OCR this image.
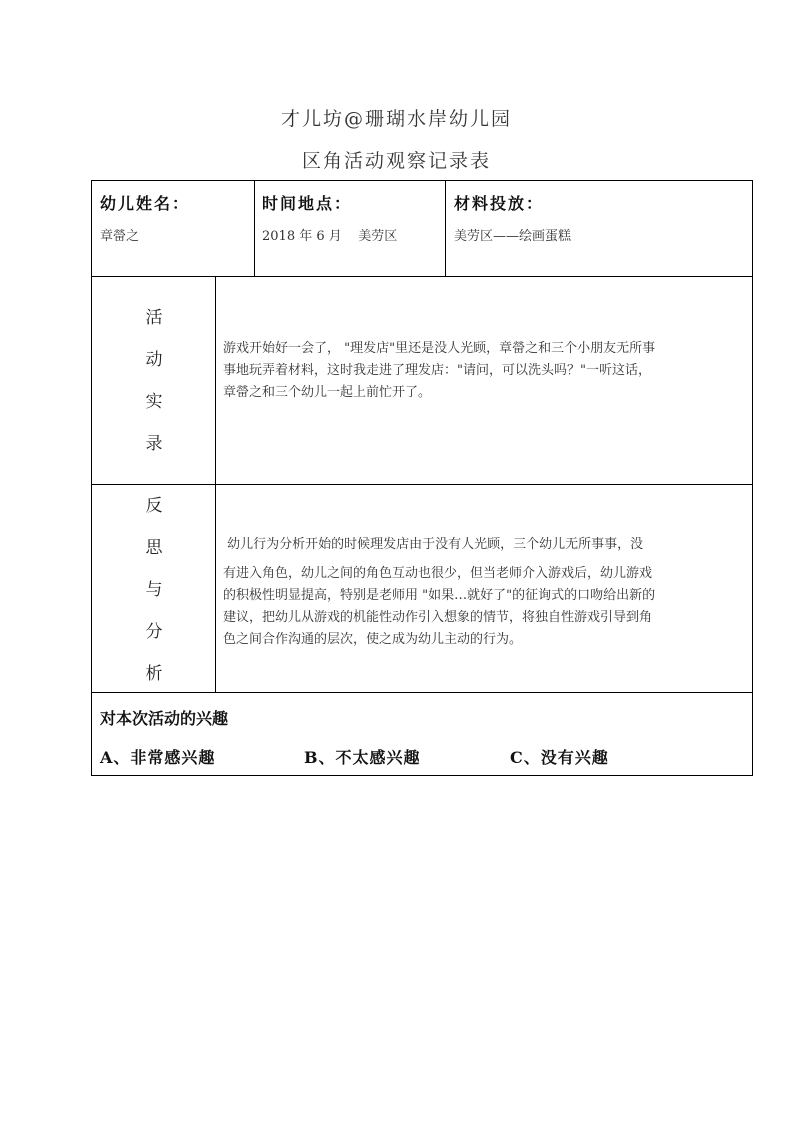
才儿坊@珊瑚水岸幼儿园
区角活动观察记录表
幼儿姓名：
章㽦之
时间地点：
2018 年 6 月    美劳区
材料投放：
美劳区——绘画蛋糕
活
动
实
录
游戏开始好一会了， "理发店"里还是没人光顾，章㽦之和三个小朋友无所事
事地玩弄着材料，这时我走进了理发店："请问，可以洗头吗？"一听这话，
章㽦之和三个幼儿一起上前忙开了。
反
思
与
分
析
幼儿行为分析开始的时候理发店由于没有人光顾，三个幼儿无所事事，没
有进入角色，幼儿之间的角色互动也很少，但当老师介入游戏后，幼儿游戏
的积极性明显提高，特别是老师用 "如果…就好了"的征询式的口吻给出新的
建议，把幼儿从游戏的机能性动作引入想象的情节，将独自性游戏引导到角
色之间合作沟通的层次，使之成为幼儿主动的行为。
对本次活动的兴趣
A、非常感兴趣	B、不太感兴趣	C、没有兴趣
